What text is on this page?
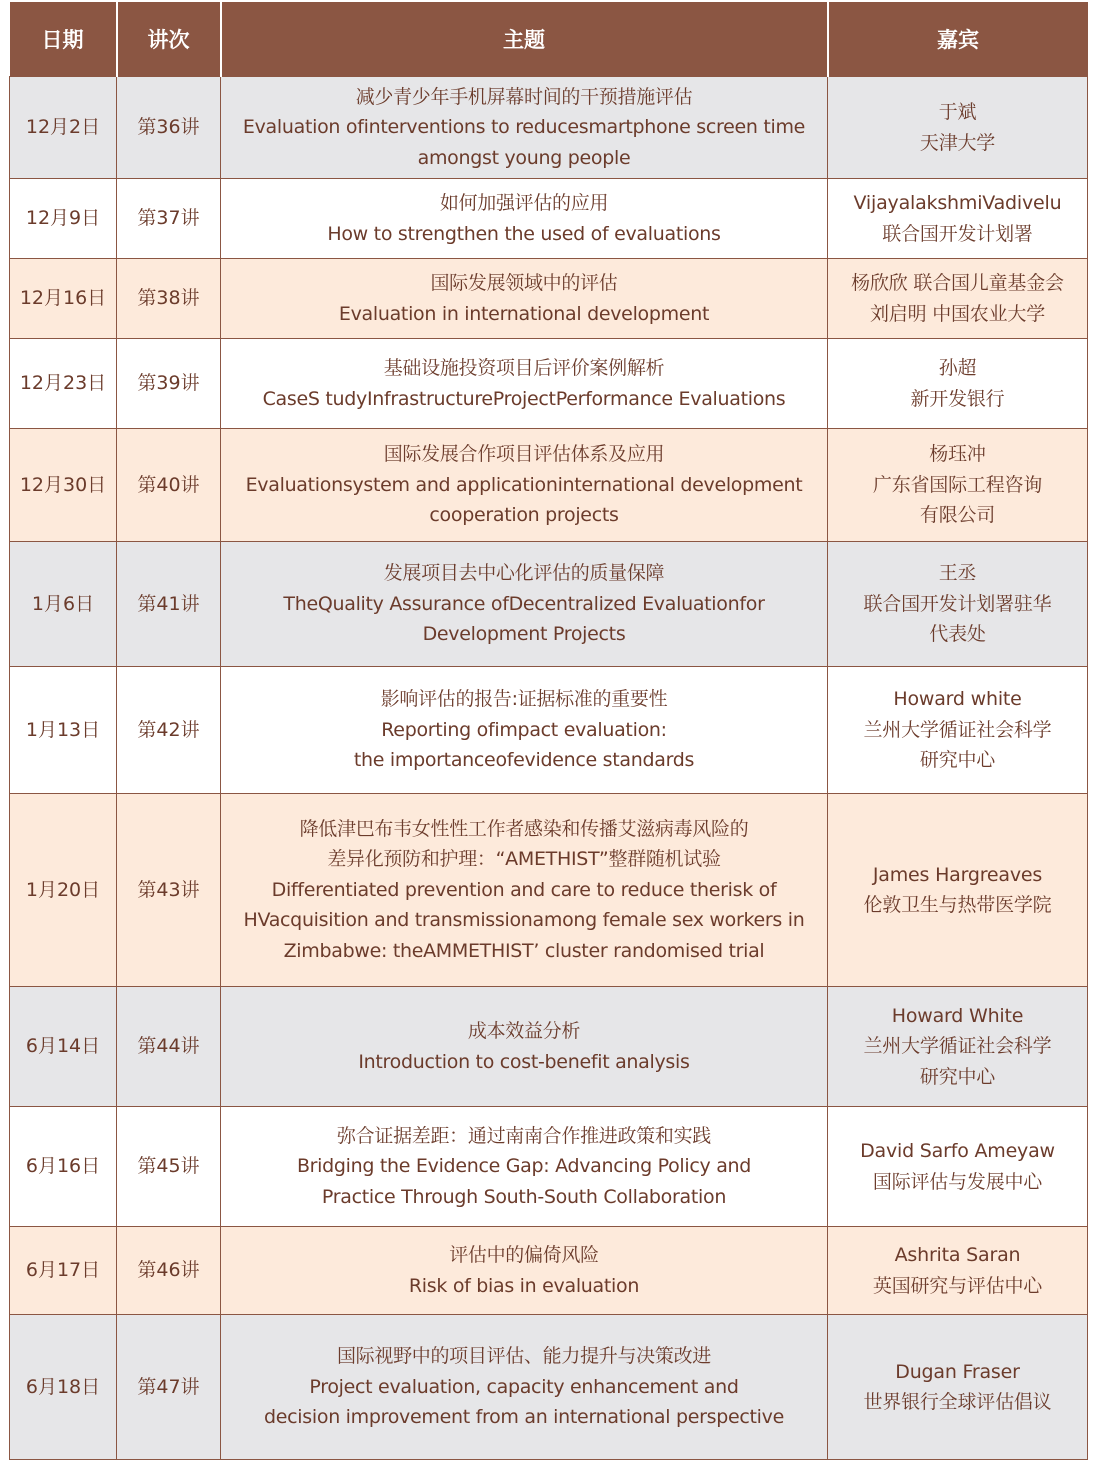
日期	讲次	主题	嘉宾
12月2日	第36讲	减少青少年手机屏幕时间的干预措施评估
Evaluation ofinterventions to reducesmartphone screen time
amongst young people	于斌
天津大学

12月9日	第37讲	如何加强评估的应用
How to strengthen the used of evaluations	VijayalakshmiVadivelu
联合国开发计划署

12月16日	第38讲	国际发展领域中的评估
Evaluation in international development	杨欣欣 联合国儿童基金会
刘启明 中国农业大学

12月23日	第39讲	基础设施投资项目后评价案例解析
CaseS tudyInfrastructureProjectPerformance Evaluations	孙超
新开发银行

12月30日	第40讲	国际发展合作项目评估体系及应用
Evaluationsystem and applicationinternational development
cooperation projects	杨珏冲
广东省国际工程咨询
有限公司

1月6日	第41讲	发展项目去中心化评估的质量保障
TheQuality Assurance ofDecentralized Evaluationfor
Development Projects	王丞
联合国开发计划署驻华
代表处

1月13日	第42讲	影响评估的报告:证据标准的重要性
Reporting ofimpact evaluation:
the importanceofevidence standards	Howard white
兰州大学循证社会科学
研究中心

1月20日	第43讲	降低津巴布韦女性性工作者感染和传播艾滋病毒风险的
差异化预防和护理：“AMETHIST”整群随机试验
Differentiated prevention and care to reduce therisk of
HVacquisition and transmissionamong female sex workers in
Zimbabwe: theAMMETHIST’ cluster randomised trial	James Hargreaves
伦敦卫生与热带医学院

6月14日	第44讲	成本效益分析
Introduction to cost-benefit analysis	Howard White
兰州大学循证社会科学
研究中心

6月16日	第45讲	弥合证据差距：通过南南合作推进政策和实践
Bridging the Evidence Gap: Advancing Policy and
Practice Through South-South Collaboration	David Sarfo Ameyaw
国际评估与发展中心

6月17日	第46讲	评估中的偏倚风险
Risk of bias in evaluation	Ashrita Saran
英国研究与评估中心

6月18日	第47讲	国际视野中的项目评估、能力提升与决策改进
Project evaluation, capacity enhancement and
decision improvement from an international perspective	Dugan Fraser
世界银行全球评估倡议
